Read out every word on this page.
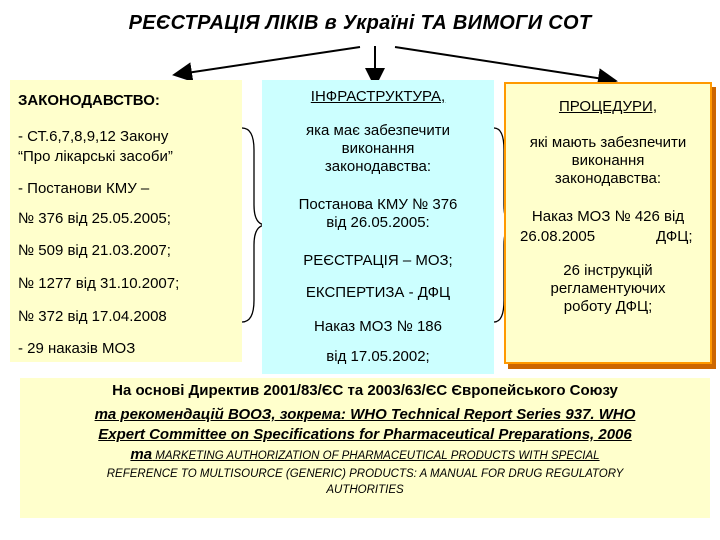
РЕЄСТРАЦІЯ ЛІКІВ в Україні ТА ВИМОГИ СОТ
ЗАКОНОДАВСТВО:
- СТ.6,7,8,9,12 Закону
“Про лікарські засоби”
- Постанови КМУ –
№ 376 від 25.05.2005;
№ 509 від 21.03.2007;
№ 1277 від 31.10.2007;
№ 372 від 17.04.2008
- 29 наказів МОЗ
ІНФРАСТРУКТУРА,
яка має забезпечити
виконання
законодавства:
Постанова КМУ № 376
від 26.05.2005:
РЕЄСТРАЦІЯ – МОЗ;
ЕКСПЕРТИЗА - ДФЦ
Наказ МОЗ № 186
від 17.05.2002;
ПРОЦЕДУРИ,
які мають забезпечити
виконання
законодавства:
Наказ МОЗ № 426 від
26.08.2005	ДФЦ;
26 інструкцій
регламентуючих
роботу ДФЦ;
На основі Директив 2001/83/ЄС та 2003/63/ЄС Європейського Союзу
та рекомендацій ВООЗ, зокрема: WHO Technical Report Series 937. WHO
Expert Committee on Specifications for Pharmaceutical Preparations, 2006
та MARKETING AUTHORIZATION OF PHARMACEUTICAL PRODUCTS WITH SPECIAL
REFERENCE TO MULTISOURCE (GENERIC) PRODUCTS: A MANUAL FOR DRUG REGULATORY
AUTHORITIES
